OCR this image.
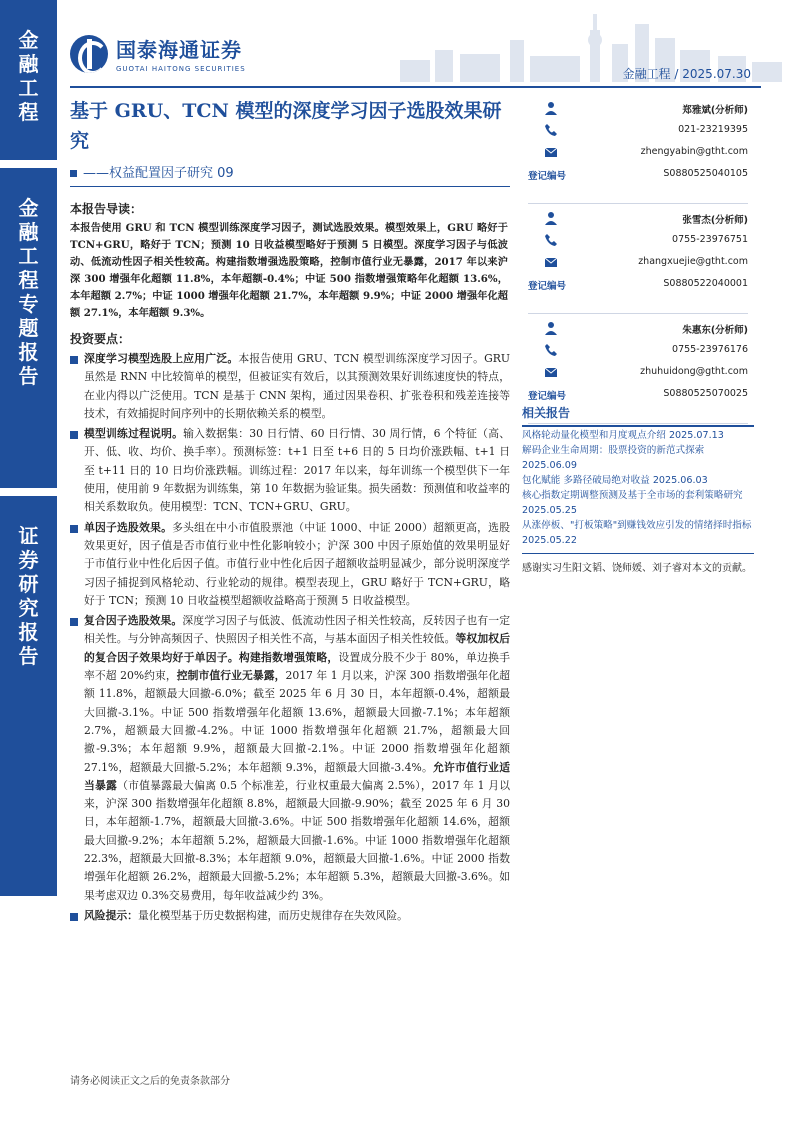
金融工程
金融工程专题报告
证券研究报告
国泰海通证券
GUOTAI HAITONG SECURITIES	金融工程 / 2025.07.30
基于 GRU、TCN 模型的深度学习因子选股效果研究
——权益配置因子研究 09
本报告导读：
本报告使用 GRU 和 TCN 模型训练深度学习因子，测试选股效果。模型效果上，GRU 略好于 TCN+GRU，略好于 TCN；预测 10 日收益模型略好于预测 5 日模型。深度学习因子与低波动、低流动性因子相关性较高。构建指数增强选股策略，控制市值行业无暴露，2017 年以来沪深 300 增强年化超额 11.8%，本年超额-0.4%；中证 500 指数增强策略年化超额 13.6%，本年超额 2.7%；中证 1000 增强年化超额 21.7%，本年超额 9.9%；中证 2000 增强年化超额 27.1%，本年超额 9.3%。
投资要点：
深度学习模型选股上应用广泛。本报告使用 GRU、TCN 模型训练深度学习因子。GRU 虽然是 RNN 中比较简单的模型，但被证实有效后，以其预测效果好训练速度快的特点，在业内得以广泛使用。TCN 是基于 CNN 架构，通过因果卷积、扩张卷积和残差连接等技术，有效捕捉时间序列中的长期依赖关系的模型。
模型训练过程说明。输入数据集：30 日行情、60 日行情、30 周行情，6 个特征（高、开、低、收、均价、换手率）。预测标签：t+1 日至 t+6 日的 5 日均价涨跌幅、t+1 日至 t+11 日的 10 日均价涨跌幅。训练过程：2017 年以来，每年训练一个模型供下一年使用，使用前 9 年数据为训练集，第 10 年数据为验证集。损失函数：预测值和收益率的相关系数取负。使用模型：TCN、TCN+GRU、GRU。
单因子选股效果。多头组在中小市值股票池（中证 1000、中证 2000）超额更高，选股效果更好，因子值是否市值行业中性化影响较小；沪深 300 中因子原始值的效果明显好于市值行业中性化后因子值。市值行业中性化后因子超额收益明显减少，部分说明深度学习因子捕捉到风格轮动、行业轮动的规律。模型表现上，GRU 略好于 TCN+GRU，略好于 TCN；预测 10 日收益模型超额收益略高于预测 5 日收益模型。
复合因子选股效果。深度学习因子与低波、低流动性因子相关性较高，反转因子也有一定相关性。与分钟高频因子、快照因子相关性不高，与基本面因子相关性较低。等权加权后的复合因子效果均好于单因子。构建指数增强策略，设置成分股不少于 80%，单边换手率不超 20%约束，控制市值行业无暴露，2017 年 1 月以来，沪深 300 指数增强年化超额 11.8%，超额最大回撤-6.0%；截至 2025 年 6 月 30 日，本年超额-0.4%，超额最大回撤-3.1%。中证 500 指数增强年化超额 13.6%，超额最大回撤-7.1%；本年超额 2.7%，超额最大回撤-4.2%。中证 1000 指数增强年化超额 21.7%，超额最大回撤-9.3%；本年超额 9.9%，超额最大回撤-2.1%。中证 2000 指数增强年化超额 27.1%，超额最大回撤-5.2%；本年超额 9.3%，超额最大回撤-3.4%。允许市值行业适当暴露（市值暴露最大偏离 0.5 个标准差，行业权重最大偏离 2.5%），2017 年 1 月以来，沪深 300 指数增强年化超额 8.8%，超额最大回撤-9.90%；截至 2025 年 6 月 30 日，本年超额-1.7%，超额最大回撤-3.6%。中证 500 指数增强年化超额 14.6%，超额最大回撤-9.2%；本年超额 5.2%，超额最大回撤-1.6%。中证 1000 指数增强年化超额 22.3%，超额最大回撤-8.3%；本年超额 9.0%，超额最大回撤-1.6%。中证 2000 指数增强年化超额 26.2%，超额最大回撤-5.2%；本年超额 5.3%，超额最大回撤-3.6%。如果考虑双边 0.3%交易费用，每年收益减少约 3%。
风险提示：量化模型基于历史数据构建，而历史规律存在失效风险。
请务必阅读正文之后的免责条款部分
郑雅斌(分析师)
021-23219395
zhengyabin@gtht.com
登记编号	S0880525040105
张雪杰(分析师)
0755-23976751
zhangxuejie@gtht.com
登记编号	S0880522040001
朱惠东(分析师)
0755-23976176
zhuhuidong@gtht.com
登记编号	S0880525070025
相关报告
风格轮动量化模型和月度观点介绍 2025.07.13
解码企业生命周期：股票投资的新范式探索 2025.06.09
包化赋能 多路径破局绝对收益 2025.06.03
核心指数定期调整预测及基于全市场的套利策略研究 2025.05.25
从涨停板、"打板策略"到赚钱效应引发的情绪择时指标 2025.05.22
感谢实习生阳文韬、饶师媛、刘子睿对本文的贡献。
